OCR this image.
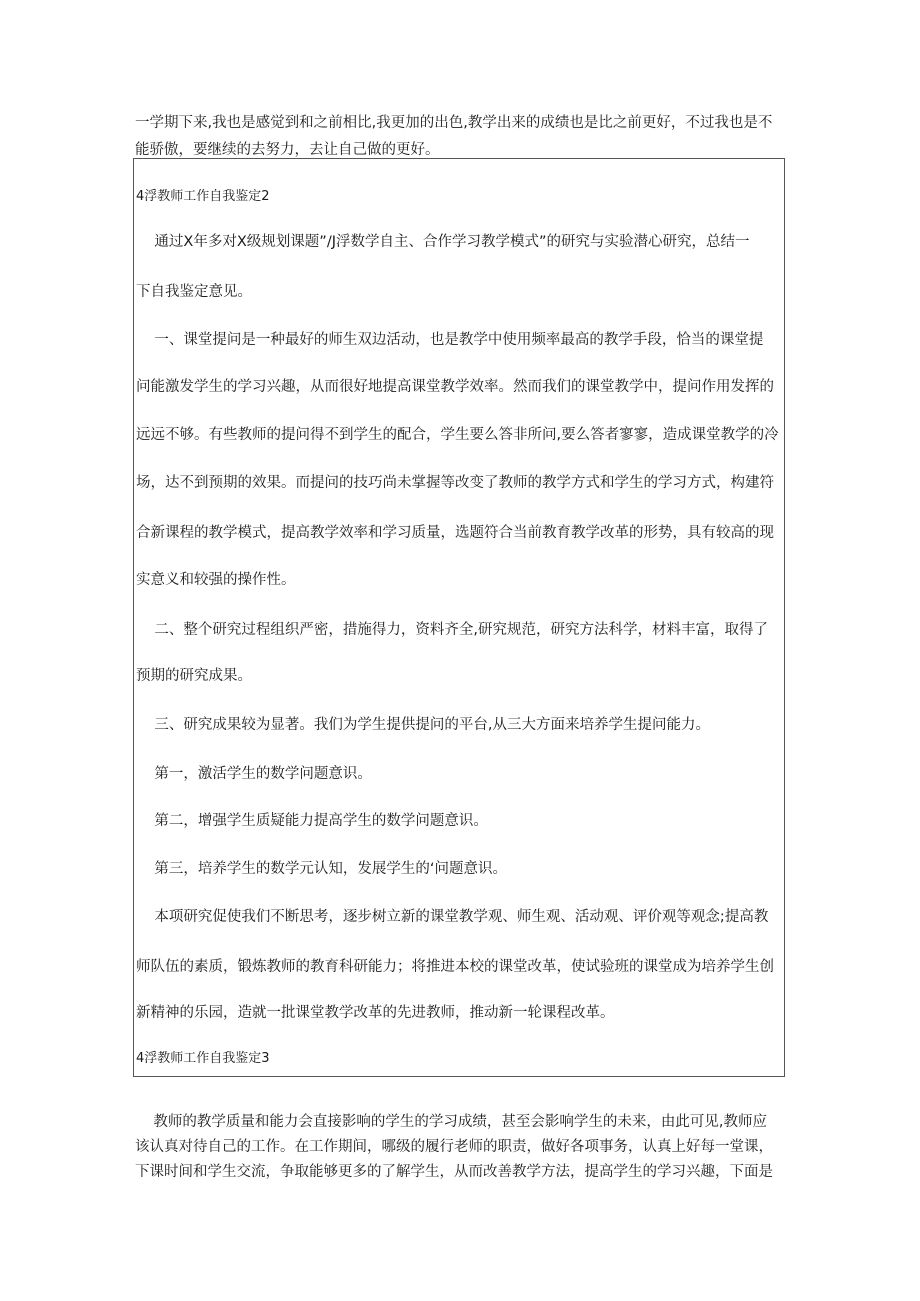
一学期下来,我也是感觉到和之前相比,我更加的出色,教学出来的成绩也是比之前更好，不过我也是不

能骄傲，要继续的去努力，去让自己做的更好。

4浮教师工作自我鉴定2
通过X年多对X级规划课题”/J浮数学自主、合作学习教学模式”的研究与实验潜心研究，总结一
下自我鉴定意见。
一、课堂提问是一种最好的师生双边活动，也是教学中使用频率最高的教学手段，恰当的课堂提
问能激发学生的学习兴趣，从而很好地提高课堂教学效率。然而我们的课堂教学中，提问作用发挥的
远远不够。有些教师的提问得不到学生的配合，学生要么答非所问,要么答者寥寥，造成课堂教学的冷
场，达不到预期的效果。而提问的技巧尚未掌握等改变了教师的教学方式和学生的学习方式，构建符
合新课程的教学模式，提高教学效率和学习质量，选题符合当前教育教学改革的形势，具有较高的现
实意义和较强的操作性。
二、整个研究过程组织严密，措施得力，资料齐全,研究规范，研究方法科学，材料丰富，取得了
预期的研究成果。
三、研究成果较为显著。我们为学生提供提问的平台,从三大方面来培养学生提问能力。
第一，激活学生的数学问题意识。
第二，增强学生质疑能力提高学生的数学问题意识。
第三，培养学生的数学元认知，发展学生的‘问题意识。
本项研究促使我们不断思考，逐步树立新的课堂教学观、师生观、活动观、评价观等观念;提高教
师队伍的素质，锻炼教师的教育科研能力；将推进本校的课堂改革，使试验班的课堂成为培养学生创
新精神的乐园，造就一批课堂教学改革的先进教师，推动新一轮课程改革。
4浮教师工作自我鉴定3

教师的教学质量和能力会直接影响的学生的学习成绩，甚至会影响学生的未来，由此可见,教师应

该认真对待自己的工作。在工作期间，哪级的履行老师的职责，做好各项事务，认真上好每一堂课，

下课时间和学生交流，争取能够更多的了解学生，从而改善教学方法，提高学生的学习兴趣，下面是
